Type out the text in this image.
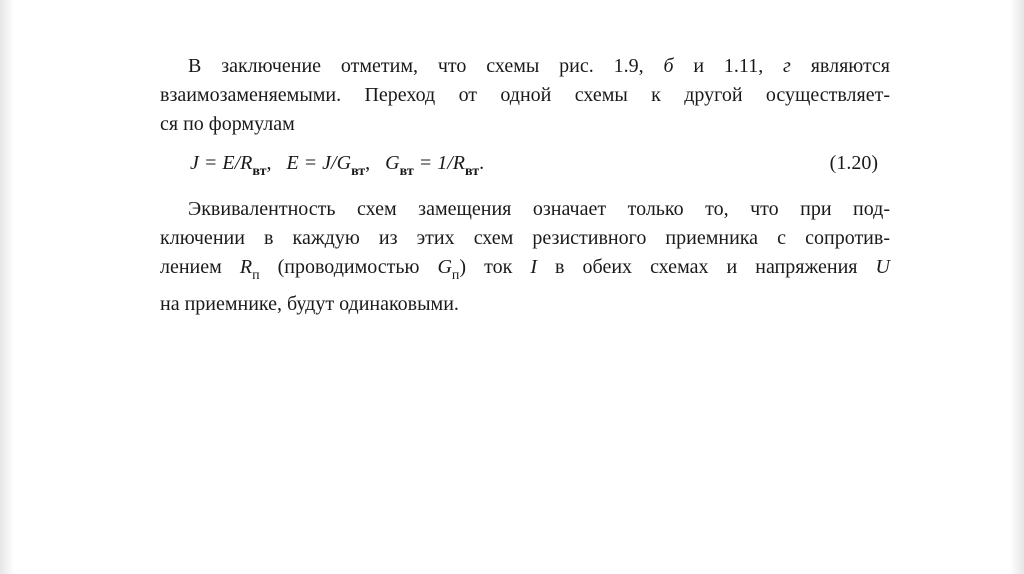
В заключение отметим, что схемы рис. 1.9, б и 1.11, г являются
взаимозаменяемыми. Переход от одной схемы к другой осуществляет-
ся по формулам
$J = E/R_{вт}$,   $E = J/G_{вт}$,   $G_{вт} = 1/R_{вт}$.	(1.20)
Эквивалентность схем замещения означает только то, что при под-
ключении в каждую из этих схем резистивного приемника с сопротив-
лением $R_п$ (проводимостью $G_п$) ток I в обеих схемах и напряжения U
на приемнике, будут одинаковыми.
